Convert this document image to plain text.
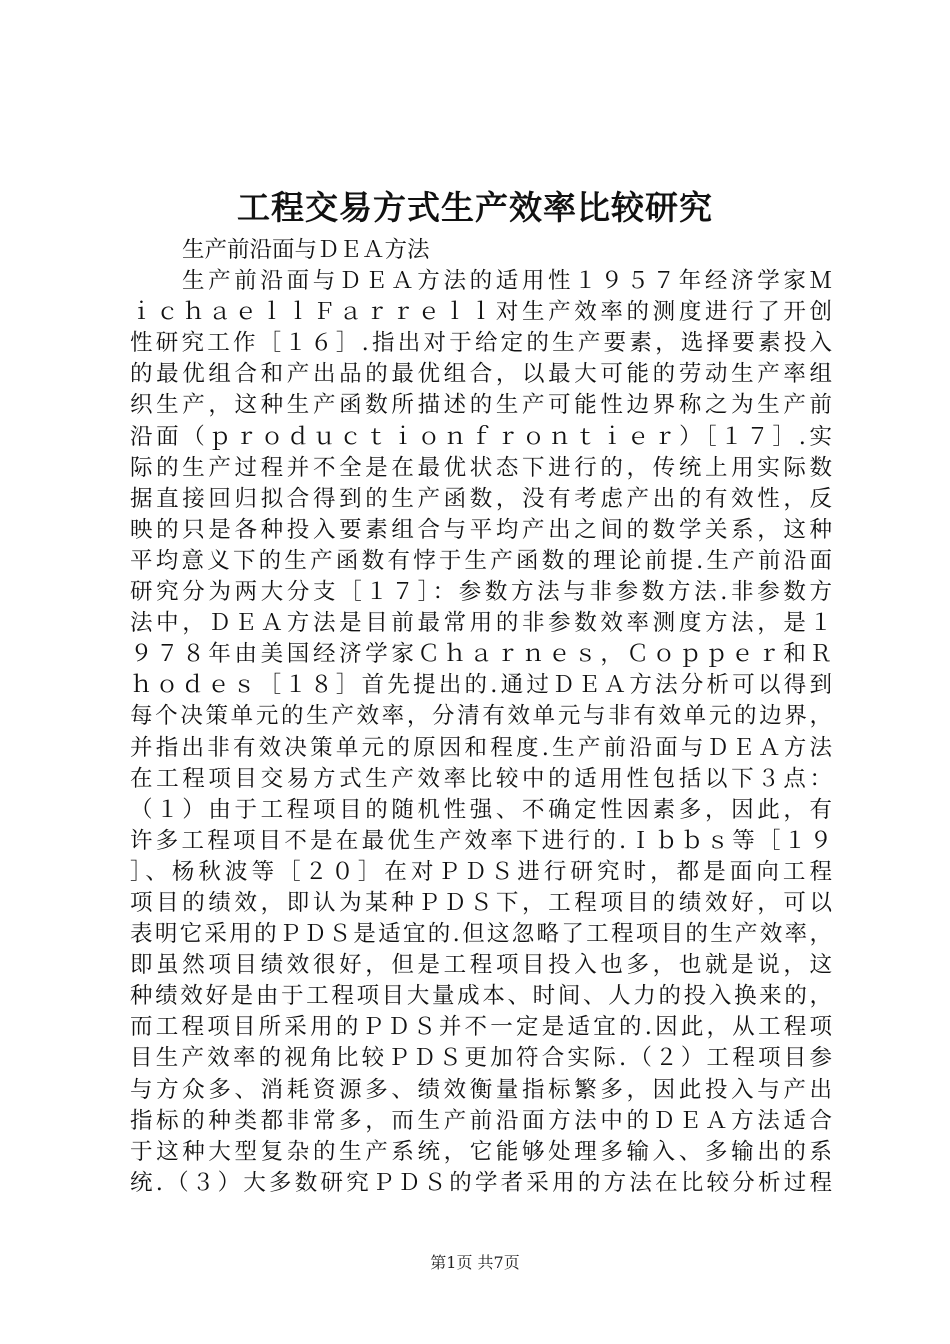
工程交易方式生产效率比较研究
生产前沿面与ＤＥＡ方法
生产前沿面与ＤＥＡ方法的适用性１９５７年经济学家Ｍ
ｉｃｈａｅｌｌＦａｒｒｅｌｌ对生产效率的测度进行了开创
性研究工作［１６］.指出对于给定的生产要素，选择要素投入
的最优组合和产出品的最优组合，以最大可能的劳动生产率组
织生产，这种生产函数所描述的生产可能性边界称之为生产前
沿面（ｐｒｏｄｕｃｔｉｏｎｆｒｏｎｔｉｅｒ）［１７］.实
际的生产过程并不全是在最优状态下进行的，传统上用实际数
据直接回归拟合得到的生产函数，没有考虑产出的有效性，反
映的只是各种投入要素组合与平均产出之间的数学关系，这种
平均意义下的生产函数有悖于生产函数的理论前提.生产前沿面
研究分为两大分支［１７］：参数方法与非参数方法.非参数方
法中，ＤＥＡ方法是目前最常用的非参数效率测度方法，是１
９７８年由美国经济学家Ｃｈａｒｎｅｓ，Ｃｏｐｐｅｒ和Ｒ
ｈｏｄｅｓ［１８］首先提出的.通过ＤＥＡ方法分析可以得到
每个决策单元的生产效率，分清有效单元与非有效单元的边界，
并指出非有效决策单元的原因和程度.生产前沿面与ＤＥＡ方法
在工程项目交易方式生产效率比较中的适用性包括以下３点：
（１）由于工程项目的随机性强、不确定性因素多，因此，有
许多工程项目不是在最优生产效率下进行的.Ｉｂｂｓ等［１９
］、杨秋波等［２０］在对ＰＤＳ进行研究时，都是面向工程
项目的绩效，即认为某种ＰＤＳ下，工程项目的绩效好，可以
表明它采用的ＰＤＳ是适宜的.但这忽略了工程项目的生产效率，
即虽然项目绩效很好，但是工程项目投入也多，也就是说，这
种绩效好是由于工程项目大量成本、时间、人力的投入换来的，
而工程项目所采用的ＰＤＳ并不一定是适宜的.因此，从工程项
目生产效率的视角比较ＰＤＳ更加符合实际.（２）工程项目参
与方众多、消耗资源多、绩效衡量指标繁多，因此投入与产出
指标的种类都非常多，而生产前沿面方法中的ＤＥＡ方法适合
于这种大型复杂的生产系统，它能够处理多输入、多输出的系
统.（３）大多数研究ＰＤＳ的学者采用的方法在比较分析过程
第1页 共7页
